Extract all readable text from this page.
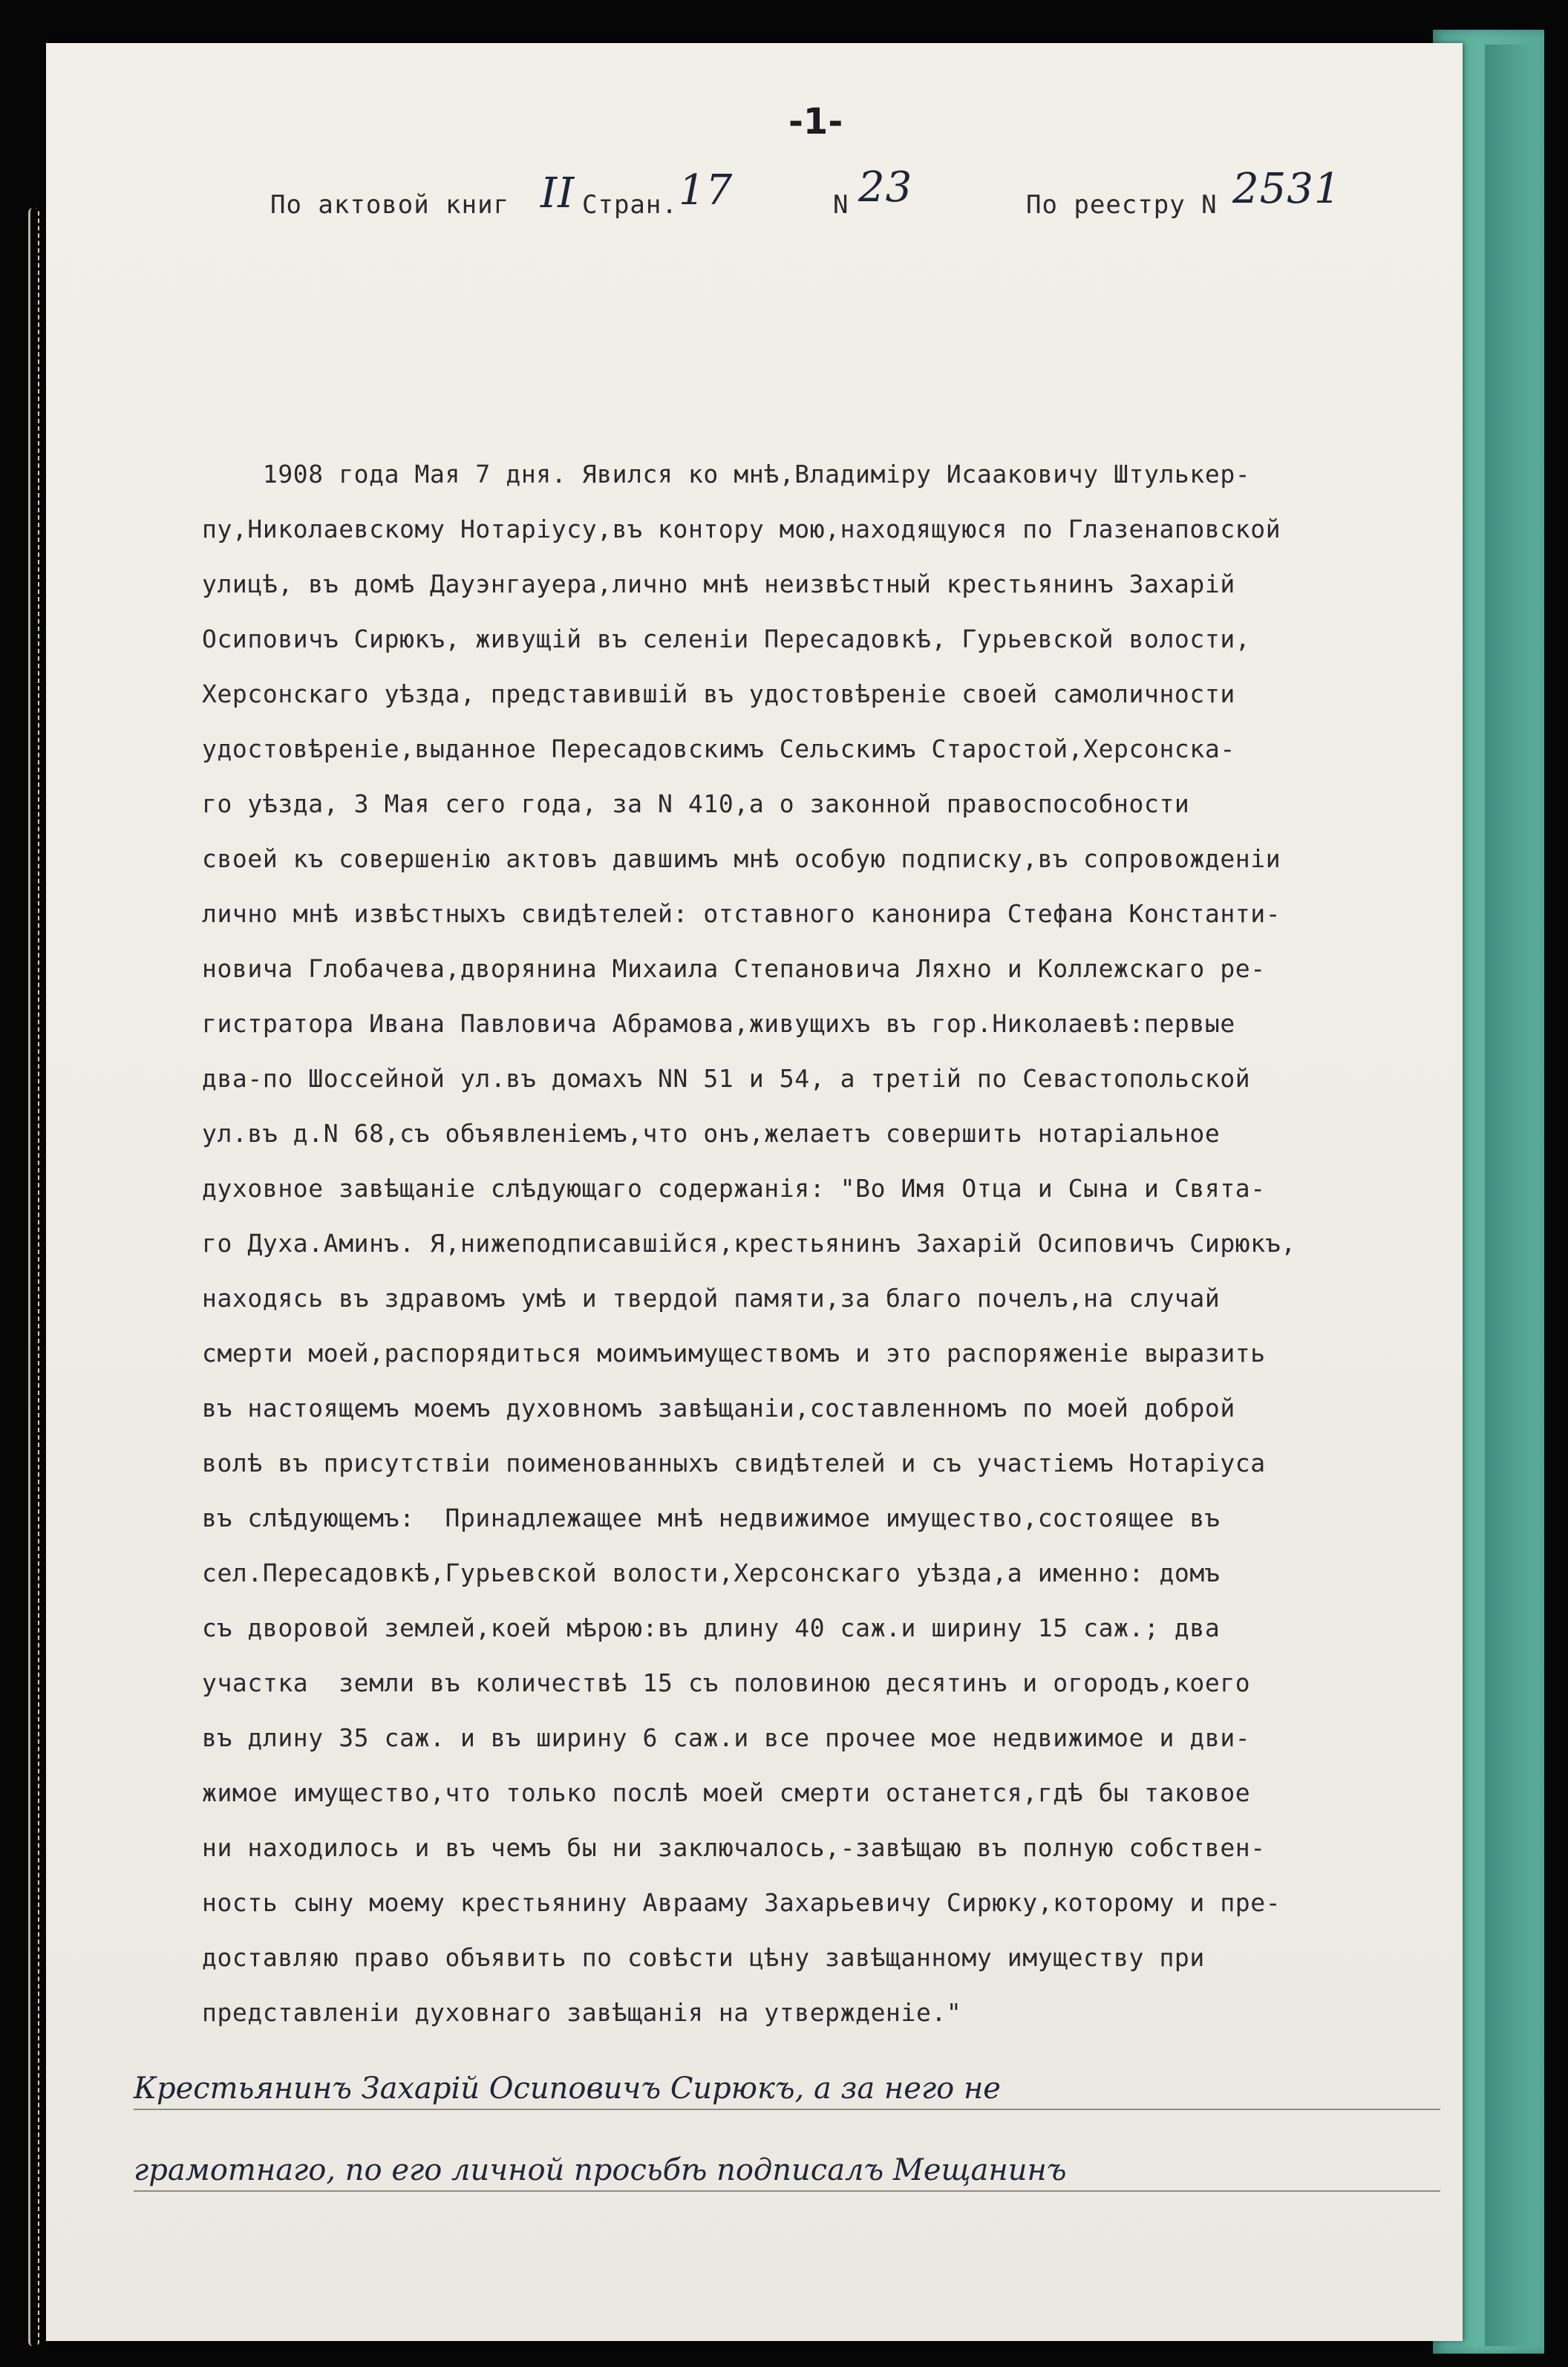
-1-
По актовой книг II Стран. 17	N 23	По реестру N 2531
1908 года Мая 7 дня. Явился ко мнѣ,Владиміру Исааковичу Штулькер-
пу,Николаевскому Нотаріусу,въ контору мою,находящуюся по Глазенаповской
улицѣ, въ домѣ Дауэнгауера,лично мнѣ неизвѣстный крестьянинъ Захарій
Осиповичъ Сирюкъ, живущій въ селеніи Пересадовкѣ, Гурьевской волости,
Херсонскаго уѣзда, представившій въ удостовѣреніе своей самоличности
удостовѣреніе,выданное Пересадовскимъ Сельскимъ Старостой,Херсонска-
го уѣзда, 3 Мая сего года, за N 410,а о законной правоспособности
своей къ совершенію актовъ давшимъ мнѣ особую подписку,въ сопровожденіи
лично мнѣ извѣстныхъ свидѣтелей: отставного канонира Стефана Константи-
новича Глобачева,дворянина Михаила Степановича Ляхно и Коллежскаго ре-
гистратора Ивана Павловича Абрамова,живущихъ въ гор.Николаевѣ:первые
два-по Шоссейной ул.въ домахъ NN 51 и 54, а третій по Севастопольской
ул.въ д.N 68,съ объявленіемъ,что онъ,желаетъ совершить нотаріальное
духовное завѣщаніе слѣдующаго содержанія: "Во Имя Отца и Сына и Свята-
го Духа.Аминъ. Я,нижеподписавшійся,крестьянинъ Захарій Осиповичъ Сирюкъ,
находясь въ здравомъ умѣ и твердой памяти,за благо почелъ,на случай
смерти моей,распорядиться моимъимуществомъ и это распоряженіе выразить
въ настоящемъ моемъ духовномъ завѣщаніи,составленномъ по моей доброй
волѣ въ присутствіи поименованныхъ свидѣтелей и съ участіемъ Нотаріуса
въ слѣдующемъ:  Принадлежащее мнѣ недвижимое имущество,состоящее въ
сел.Пересадовкѣ,Гурьевской волости,Херсонскаго уѣзда,а именно: домъ
съ дворовой землей,коей мѣрою:въ длину 40 саж.и ширину 15 саж.; два
участка  земли въ количествѣ 15 съ половиною десятинъ и огородъ,коего
въ длину 35 саж. и въ ширину 6 саж.и все прочее мое недвижимое и дви-
жимое имущество,что только послѣ моей смерти останется,гдѣ бы таковое
ни находилось и въ чемъ бы ни заключалось,-завѣщаю въ полную собствен-
ность сыну моему крестьянину Аврааму Захарьевичу Сирюку,которому и пре-
доставляю право объявить по совѣсти цѣну завѣщанному имуществу при
представленіи духовнаго завѣщанія на утвержденіе."
Крестьянинъ Захарій Осиповичъ Сирюкъ, а за него не
грамотнаго, по его личной просьбѣ подписалъ Мещанинъ
